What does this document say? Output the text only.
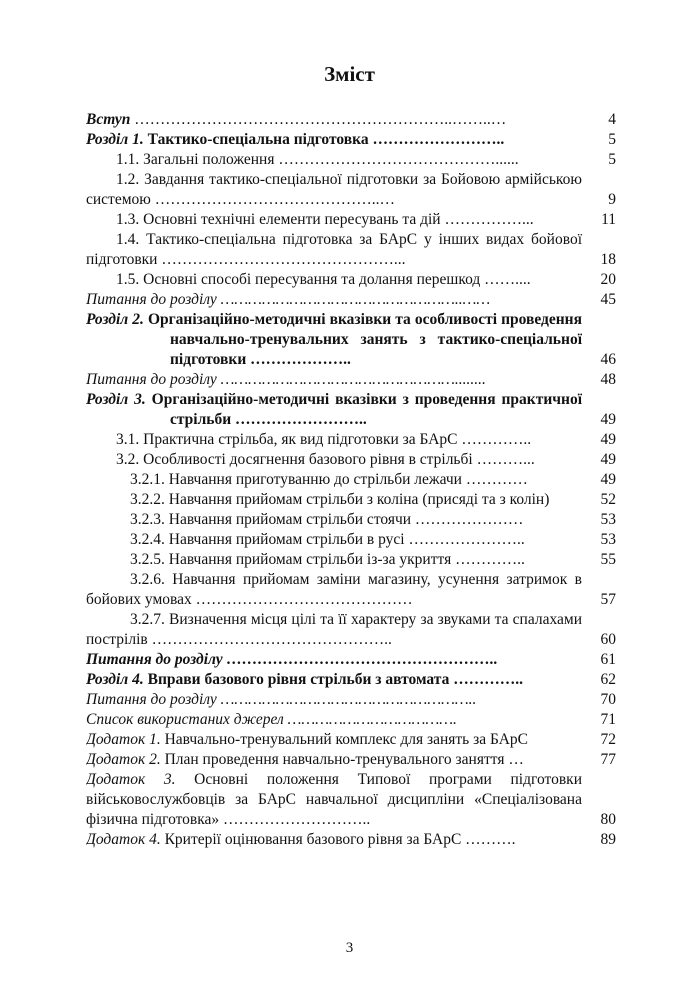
Зміст
Вступ ……………………………………………………..……..…	4
Розділ 1. Тактико-спеціальна підготовка ……………………..	5
1.1. Загальні положення ……………………………………......	5
1.2. Завдання тактико-спеціальної підготовки за Бойовою армійською системою ……………………………………..…	9
1.3. Основні технічні елементи пересувань та дій ……………...	11
1.4. Тактико-спеціальна підготовка за БАрС у інших видах бойової підготовки ………………………………………...	18
1.5. Основні способі пересування та долання перешкод ……....	20
Питання до розділу ……………………………………………..……	45
Розділ 2. Організаційно-методичні вказівки та особливості проведення навчально-тренувальних занять з тактико-спеціальної підготовки ………………..	46
Питання до розділу ……………………………………………........	48
Розділ 3. Організаційно-методичні вказівки з проведення практичної стрільби ……………………..	49
3.1. Практична стрільба, як вид підготовки за БАрС …………..	49
3.2. Особливості досягнення базового рівня в стрільбі ………...	49
3.2.1. Навчання приготуванню до стрільби лежачи …………	49
3.2.2. Навчання прийомам стрільби з коліна (присяді та з колін)	52
3.2.3. Навчання прийомам стрільби стоячи …………………	53
3.2.4. Навчання прийомам стрільби в русі …………………..	53
3.2.5. Навчання прийомам стрільби із-за укриття …………..	55
3.2.6. Навчання прийомам заміни магазину, усунення затримок в бойових умовах ……………………………………	57
3.2.7. Визначення місця цілі та її характеру за звуками та спалахами пострілів ………………………………………..	60
Питання до розділу ……………………………………………..	61
Розділ 4. Вправи базового рівня стрільби з автомата …………..	62
Питання до розділу ………………………………………………..	70
Список використаних джерел ……………………………….	71
Додаток 1. Навчально-тренувальний комплекс для занять за БАрС	72
Додаток 2. План проведення навчально-тренувального заняття …	77
Додаток 3. Основні положення Типової програми підготовки військовослужбовців за БАрС навчальної дисципліни «Спеціалізована фізична підготовка» ………………………..	80
Додаток 4. Критерії оцінювання базового рівня за БАрС ……….	89
3
